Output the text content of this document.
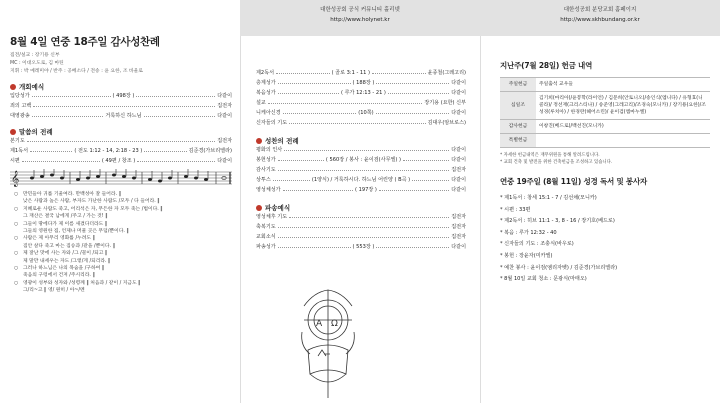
8월 4일 연중 18주일 감사성찬례
집전/설교 : 장기용 신부
MC : 이대오도로, 김 마틴
지휘 : 박 예레미야 / 반주 : 공베소다 / 전송 : 윤 요한, 조 바울로
개회예식
입당성가	( 498장 )	다같이
죄의 고백	집전자
대영광송	거룩하신 하느님	다같이
말씀의 전례
본기도	집전자
제1독서	( 전도 1:12 - 14, 2:18 - 23 )	김준경(가브리엘라)
시편	( 49편 / 창조 )	다같이
𝄞
○	만민들아 귀를 기울여라. 만백성아 잘 들어라. ‖
낮은 사람과 높은 사람, 부자도 가난한 사람도 /모두 / 다 들어라. ‖
○	지혜로운 사람도 죽고, 어리석은 자, 무든한 자 모두 죽는 /법이다. ‖
그 재산은 결국 남에게 /주고 / 가는 것! ‖
○	그들이 땅에다가 제 이름 새겼다더라도 ‖
그들의 영원한 집, 언제나 머물 곳은 무덤/뿐이다. ‖
○	사람은 제 아무리 영화를 /누려도 ‖
짐안 살다 죽고 마는 짐승과 /같을 /뿐이다. ‖
○	제 잘난 맛에 사는 자와 /그 /꼴이 /되고 ‖
제 말만 내세우는 자도 /그렇/게 /되리라. ‖
○	그러나 하느님은 나의 목숨을 /구하여 ‖
죽음의 구렁에서 건져 /주시리라. ‖
○	영광이 성부와 성자와 /성령께 ‖ 처음과 / 같이 / 지금도 ‖
그/리~고 ‖ 영/ 원히 / 아~/멘
대한성공회 공식 커뮤니티 홀리넷
http://www.holynet.kr
제2독서	( 골로 3:1 - 11 )	윤종철(그레고리)
층계성가	( 188장 )	다같이
복음성가	( 루가 12:13 - 21 )	다같이
설교	장기용 (요한) 신부
니케아신경	(10쪽)	다같이
신자들의 기도	김대우(암브로스)
성찬의 전례
평화의 인사	다같이
봉헌성가	( 560장 / 봉사 : 윤이검(사무엘) )	다같이
감사기도	집전자
상투스	(1양식) / 거룩하시다. 하느님 어린양 ( B곡 )	다같이
영성체성가	( 197장 )	다같이
파송예식
영성체후 기도	집전자
축복기도	집전자
교회소식	집전자
파송성가	( 553장 )	다같이
A Ω
대한성공회 분당교회 홈페이지
http://www.skhbundang.or.kr
지난주(7월 28일) 헌금 내역
주일헌금	주일출석 교우들
십일조	김기희(마리아)/윤봉학(라이언) / 김문희(안토니오)/송인식(엠니다) / 유형효(니콜라)/ 정선재(크리스티나) / 송준영(그레고리)/조경숙(모니카) / 장기용(요한)/조성경(루치아) / 한경란(헤어소린)/ 윤이검(엠마누엘)
감사헌금	이창진(베드로)/백선진(모니카)
특별헌금	
* 자세한 헌금내역은 재무위원을 통해 알려드립니다.
* 교회 건축 및 발전을 위한 건축헌금을 조성하고 있습니다.
연중 19주일 (8월 11일) 성경 독서 및 봉사자
* 제1독서 : 창세 15:1 - 7 / 김선채(모니카)
* 시편 : 33편
* 제2독서 : 히브 11:1 - 3, 8 - 16 / 장기호(베드로)
* 복음 : 루가 12:32 - 40
* 신자들의 기도 : 조충식(바우로)
* 봉헌 : 장윤자(미카엘)
* 예찬 봉사 : 윤이검(엠리자벳) / 김준경(가브리엘라)
* 8월 10일 교회 청소 : 문광식(마태오)
